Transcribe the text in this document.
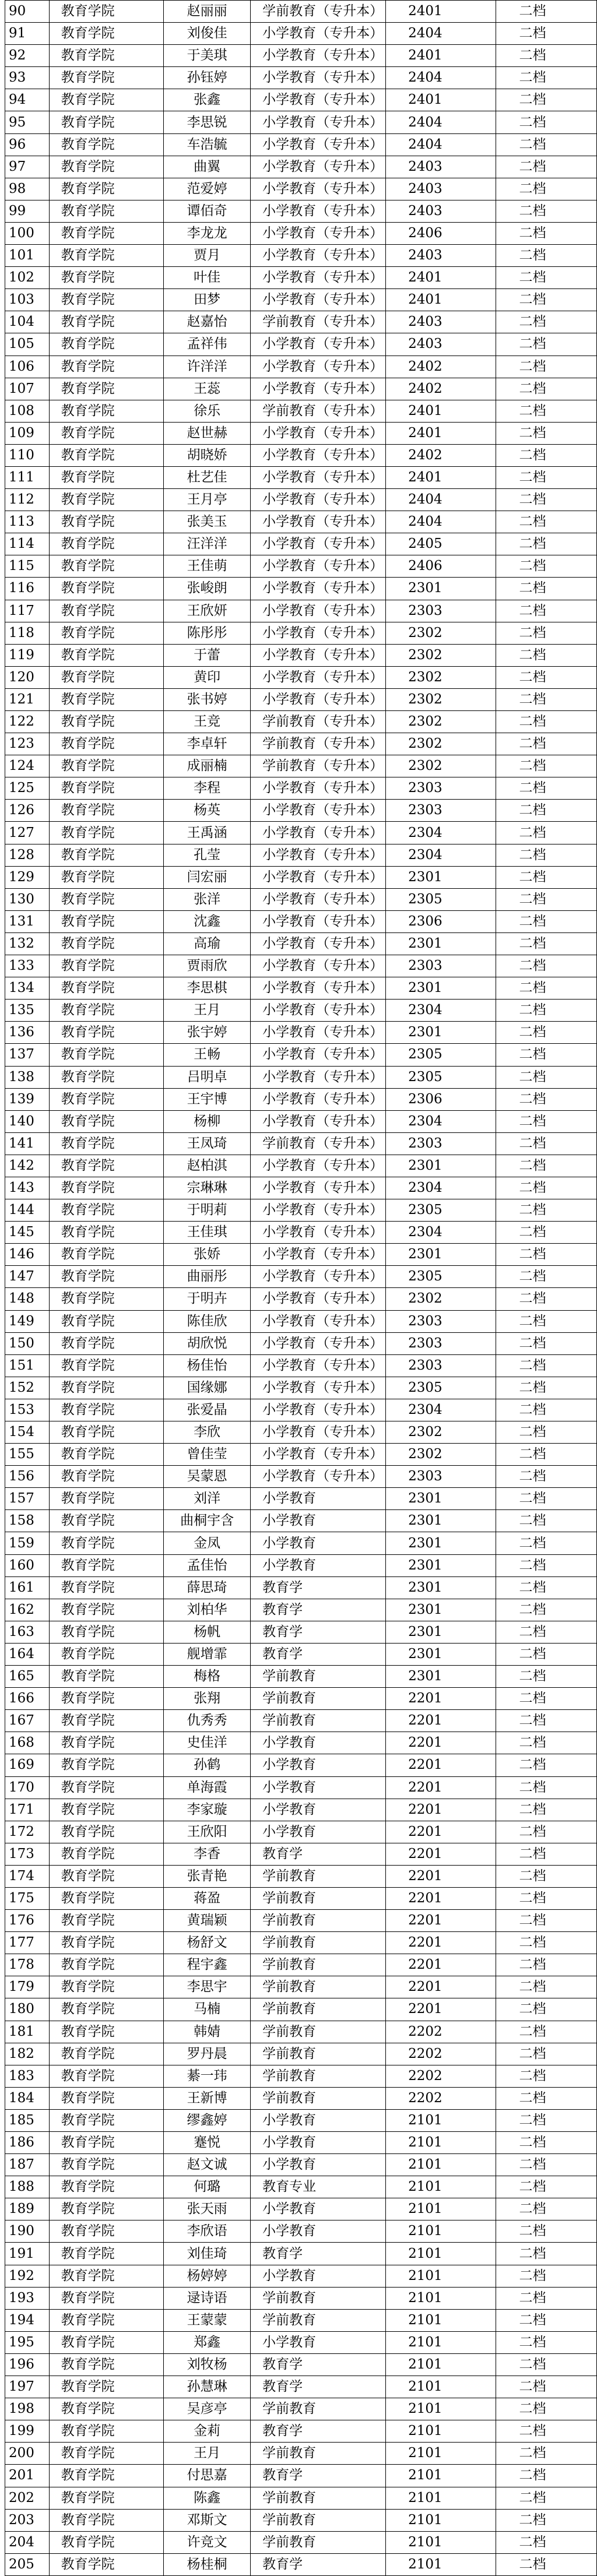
90	教育学院	赵丽丽	学前教育（专升本）	2401	二档
91	教育学院	刘俊佳	小学教育（专升本）	2404	二档
92	教育学院	于美琪	小学教育（专升本）	2401	二档
93	教育学院	孙钰婷	小学教育（专升本）	2404	二档
94	教育学院	张鑫	小学教育（专升本）	2401	二档
95	教育学院	李思锐	小学教育（专升本）	2404	二档
96	教育学院	车浩毓	小学教育（专升本）	2404	二档
97	教育学院	曲翼	小学教育（专升本）	2403	二档
98	教育学院	范爱婷	小学教育（专升本）	2403	二档
99	教育学院	谭佰奇	小学教育（专升本）	2403	二档
100	教育学院	李龙龙	小学教育（专升本）	2406	二档
101	教育学院	贾月	小学教育（专升本）	2403	二档
102	教育学院	叶佳	小学教育（专升本）	2401	二档
103	教育学院	田梦	小学教育（专升本）	2401	二档
104	教育学院	赵嘉怡	学前教育（专升本）	2403	二档
105	教育学院	孟祥伟	小学教育（专升本）	2403	二档
106	教育学院	许洋洋	小学教育（专升本）	2402	二档
107	教育学院	王蕊	小学教育（专升本）	2402	二档
108	教育学院	徐乐	学前教育（专升本）	2401	二档
109	教育学院	赵世赫	小学教育（专升本）	2401	二档
110	教育学院	胡晓娇	小学教育（专升本）	2402	二档
111	教育学院	杜艺佳	小学教育（专升本）	2401	二档
112	教育学院	王月亭	小学教育（专升本）	2404	二档
113	教育学院	张美玉	小学教育（专升本）	2404	二档
114	教育学院	汪洋洋	小学教育（专升本）	2405	二档
115	教育学院	王佳萌	小学教育（专升本）	2406	二档
116	教育学院	张峻朗	小学教育（专升本）	2301	二档
117	教育学院	王欣妍	小学教育（专升本）	2303	二档
118	教育学院	陈彤彤	小学教育（专升本）	2302	二档
119	教育学院	于蕾	小学教育（专升本）	2302	二档
120	教育学院	黄印	小学教育（专升本）	2302	二档
121	教育学院	张书婷	小学教育（专升本）	2302	二档
122	教育学院	王竞	学前教育（专升本）	2302	二档
123	教育学院	李卓轩	学前教育（专升本）	2302	二档
124	教育学院	成丽楠	学前教育（专升本）	2302	二档
125	教育学院	李程	小学教育（专升本）	2303	二档
126	教育学院	杨英	小学教育（专升本）	2303	二档
127	教育学院	王禹涵	小学教育（专升本）	2304	二档
128	教育学院	孔莹	小学教育（专升本）	2304	二档
129	教育学院	闫宏丽	小学教育（专升本）	2301	二档
130	教育学院	张洋	小学教育（专升本）	2305	二档
131	教育学院	沈鑫	小学教育（专升本）	2306	二档
132	教育学院	高瑜	小学教育（专升本）	2301	二档
133	教育学院	贾雨欣	小学教育（专升本）	2303	二档
134	教育学院	李思棋	小学教育（专升本）	2301	二档
135	教育学院	王月	小学教育（专升本）	2304	二档
136	教育学院	张宇婷	小学教育（专升本）	2301	二档
137	教育学院	王畅	小学教育（专升本）	2305	二档
138	教育学院	吕明卓	小学教育（专升本）	2305	二档
139	教育学院	王宇博	小学教育（专升本）	2306	二档
140	教育学院	杨柳	小学教育（专升本）	2304	二档
141	教育学院	王凤琦	学前教育（专升本）	2303	二档
142	教育学院	赵柏淇	小学教育（专升本）	2301	二档
143	教育学院	宗琳琳	小学教育（专升本）	2304	二档
144	教育学院	于明莉	小学教育（专升本）	2305	二档
145	教育学院	王佳琪	小学教育（专升本）	2304	二档
146	教育学院	张娇	小学教育（专升本）	2301	二档
147	教育学院	曲丽彤	小学教育（专升本）	2305	二档
148	教育学院	于明卉	小学教育（专升本）	2302	二档
149	教育学院	陈佳欣	小学教育（专升本）	2303	二档
150	教育学院	胡欣悦	小学教育（专升本）	2303	二档
151	教育学院	杨佳怡	小学教育（专升本）	2303	二档
152	教育学院	国缘娜	小学教育（专升本）	2305	二档
153	教育学院	张爱晶	小学教育（专升本）	2304	二档
154	教育学院	李欣	小学教育（专升本）	2302	二档
155	教育学院	曾佳莹	小学教育（专升本）	2302	二档
156	教育学院	吴蒙恩	小学教育（专升本）	2303	二档
157	教育学院	刘洋	小学教育	2301	二档
158	教育学院	曲桐宇含	小学教育	2301	二档
159	教育学院	金凤	小学教育	2301	二档
160	教育学院	孟佳怡	小学教育	2301	二档
161	教育学院	薛思琦	教育学	2301	二档
162	教育学院	刘柏华	教育学	2301	二档
163	教育学院	杨帆	教育学	2301	二档
164	教育学院	舰增霏	教育学	2301	二档
165	教育学院	梅格	学前教育	2301	二档
166	教育学院	张翔	学前教育	2201	二档
167	教育学院	仇秀秀	学前教育	2201	二档
168	教育学院	史佳洋	小学教育	2201	二档
169	教育学院	孙鹤	小学教育	2201	二档
170	教育学院	单海霞	小学教育	2201	二档
171	教育学院	李家璇	小学教育	2201	二档
172	教育学院	王欣阳	小学教育	2201	二档
173	教育学院	李香	教育学	2201	二档
174	教育学院	张青艳	学前教育	2201	二档
175	教育学院	蒋盈	学前教育	2201	二档
176	教育学院	黄瑞颖	学前教育	2201	二档
177	教育学院	杨舒文	学前教育	2201	二档
178	教育学院	程宇鑫	学前教育	2201	二档
179	教育学院	李思宇	学前教育	2201	二档
180	教育学院	马楠	学前教育	2201	二档
181	教育学院	韩婧	学前教育	2202	二档
182	教育学院	罗丹晨	学前教育	2202	二档
183	教育学院	綦一玮	学前教育	2202	二档
184	教育学院	王新博	学前教育	2202	二档
185	教育学院	缪鑫婷	小学教育	2101	二档
186	教育学院	蹇悦	小学教育	2101	二档
187	教育学院	赵文诚	小学教育	2101	二档
188	教育学院	何璐	教育专业	2101	二档
189	教育学院	张天雨	小学教育	2101	二档
190	教育学院	李欣语	小学教育	2101	二档
191	教育学院	刘佳琦	教育学	2101	二档
192	教育学院	杨婷婷	小学教育	2101	二档
193	教育学院	逯诗语	学前教育	2101	二档
194	教育学院	王蒙蒙	学前教育	2101	二档
195	教育学院	郑鑫	小学教育	2101	二档
196	教育学院	刘牧杨	教育学	2101	二档
197	教育学院	孙慧琳	教育学	2101	二档
198	教育学院	吴彦亭	学前教育	2101	二档
199	教育学院	金莉	教育学	2101	二档
200	教育学院	王月	学前教育	2101	二档
201	教育学院	付思嘉	教育学	2101	二档
202	教育学院	陈鑫	学前教育	2101	二档
203	教育学院	邓斯文	学前教育	2101	二档
204	教育学院	许竞文	学前教育	2101	二档
205	教育学院	杨桂桐	教育学	2101	二档
